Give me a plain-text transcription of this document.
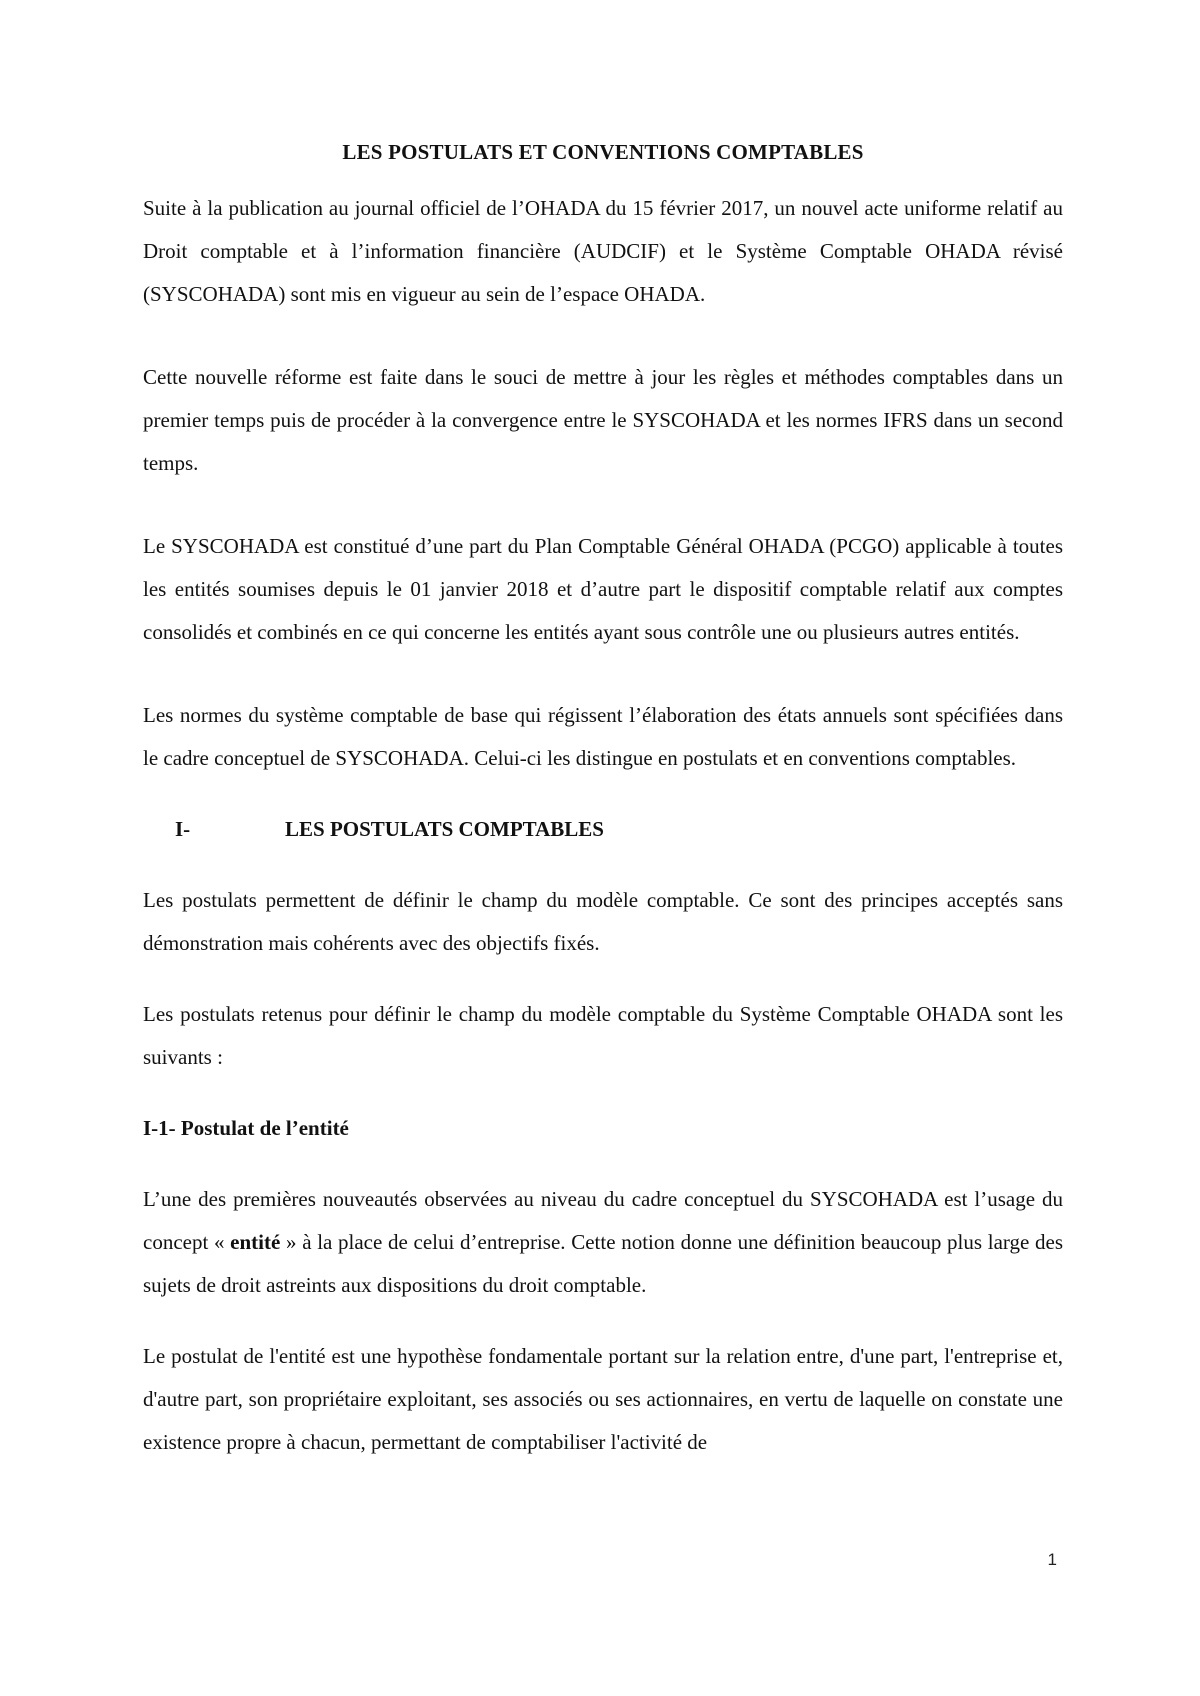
LES POSTULATS ET CONVENTIONS COMPTABLES

Suite à la publication au journal officiel de l’OHADA du 15 février 2017, un nouvel acte uniforme relatif au Droit comptable et à l’information financière (AUDCIF) et le Système Comptable OHADA révisé (SYSCOHADA) sont mis en vigueur au sein de l’espace OHADA.

Cette nouvelle réforme est faite dans le souci de mettre à jour les règles et méthodes comptables dans un premier temps puis de procéder à la convergence entre le SYSCOHADA et les normes IFRS dans un second temps.

Le SYSCOHADA est constitué d’une part du Plan Comptable Général OHADA (PCGO) applicable à toutes les entités soumises depuis le 01 janvier 2018 et d’autre part le dispositif comptable relatif aux comptes consolidés et combinés en ce qui concerne les entités ayant sous contrôle une ou plusieurs autres entités.

Les normes du système comptable de base qui régissent l’élaboration des états annuels sont spécifiées dans le cadre conceptuel de SYSCOHADA. Celui-ci les distingue en postulats et en conventions comptables.

I-	LES POSTULATS COMPTABLES

Les postulats permettent de définir le champ du modèle comptable. Ce sont des principes acceptés sans démonstration mais cohérents avec des objectifs fixés.

Les postulats retenus pour définir le champ du modèle comptable du Système Comptable OHADA sont les suivants :

I-1- Postulat de l’entité

L’une des premières nouveautés observées au niveau du cadre conceptuel du SYSCOHADA est l’usage du concept « entité » à la place de celui d’entreprise. Cette notion donne une définition beaucoup plus large des sujets de droit astreints aux dispositions du droit comptable.

Le postulat de l'entité est une hypothèse fondamentale portant sur la relation entre, d'une part, l'entreprise et, d'autre part, son propriétaire exploitant, ses associés ou ses actionnaires, en vertu de laquelle on constate une existence propre à chacun, permettant de comptabiliser l'activité de

1
